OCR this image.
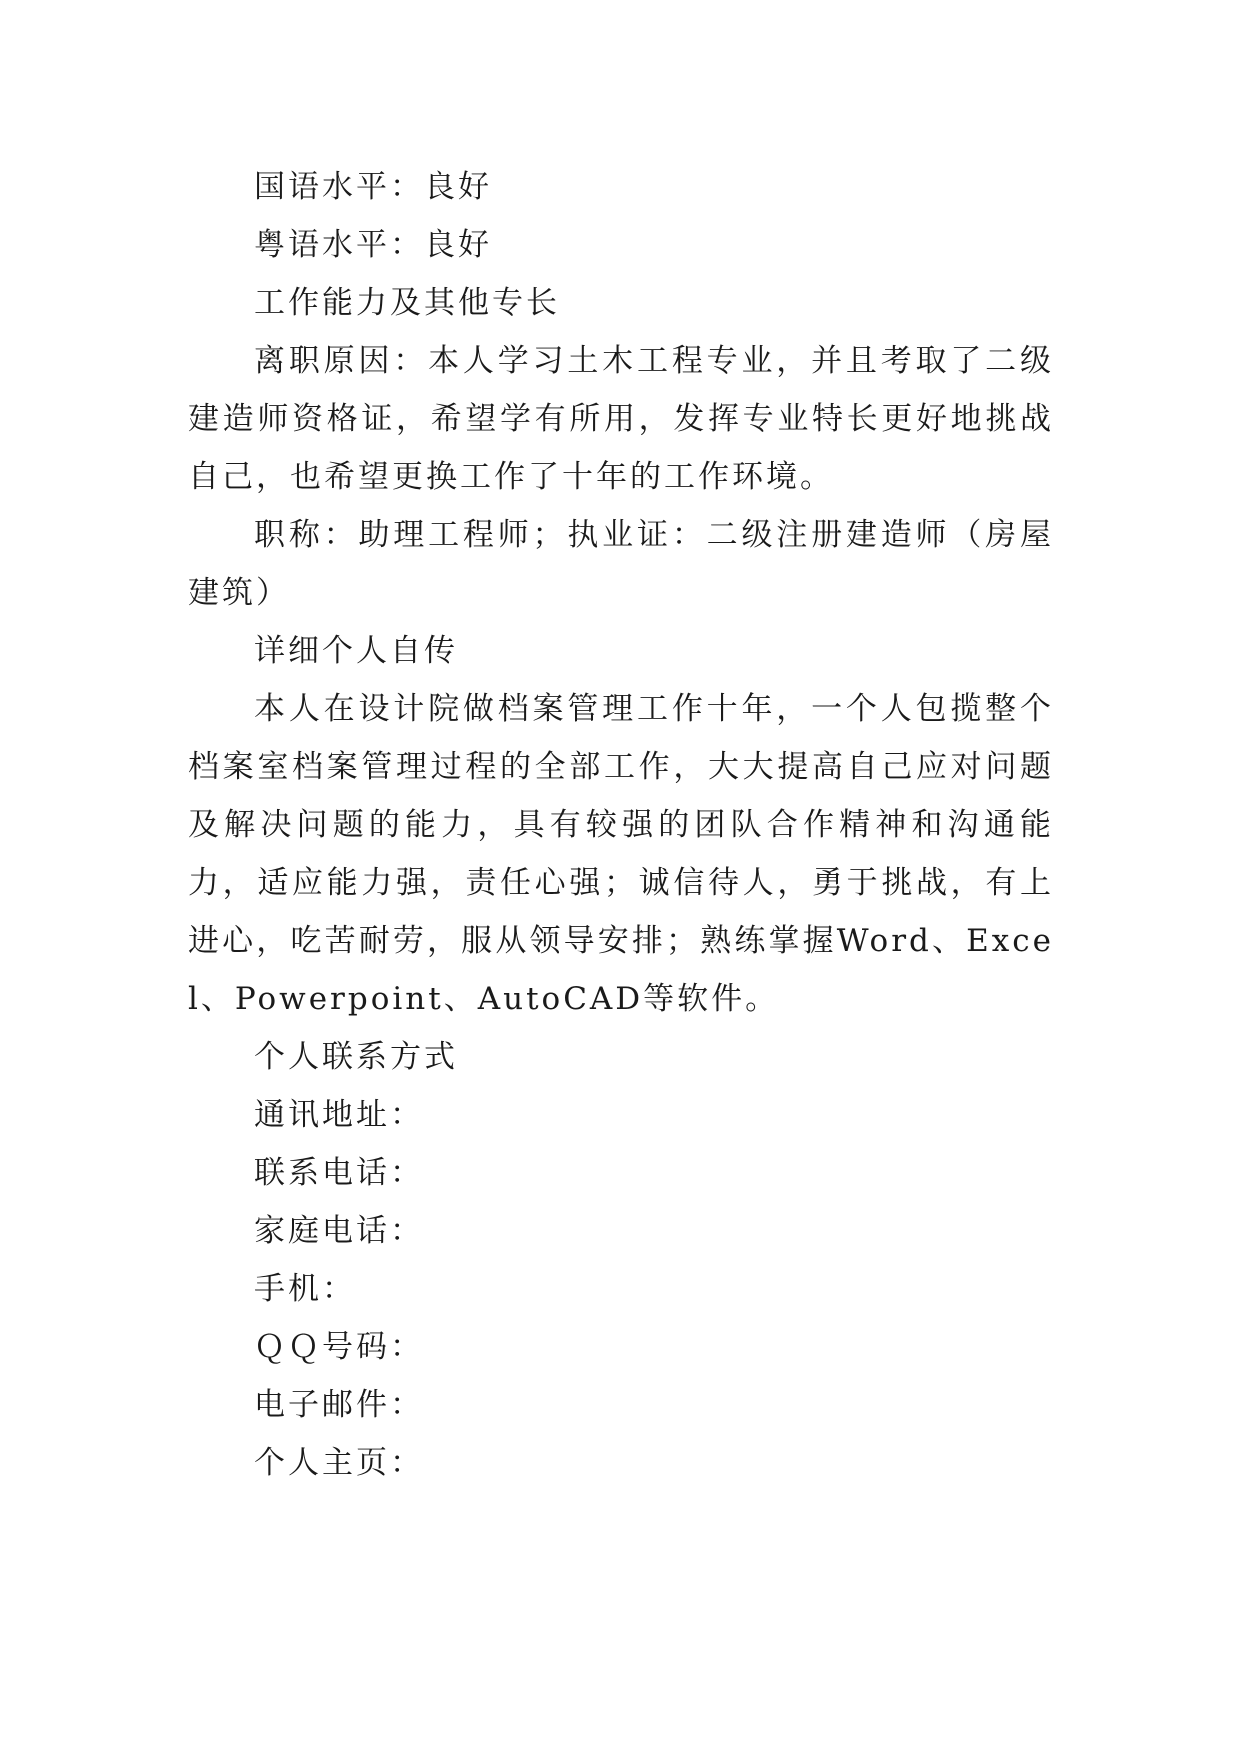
国语水平：良好

粤语水平：良好

工作能力及其他专长

离职原因：本人学习土木工程专业，并且考取了二级建造师资格证，希望学有所用，发挥专业特长更好地挑战自己，也希望更换工作了十年的工作环境。

职称：助理工程师；执业证：二级注册建造师（房屋建筑）

详细个人自传

本人在设计院做档案管理工作十年，一个人包揽整个档案室档案管理过程的全部工作，大大提高自己应对问题及解决问题的能力，具有较强的团队合作精神和沟通能力，适应能力强，责任心强；诚信待人，勇于挑战，有上进心，吃苦耐劳，服从领导安排；熟练掌握Word、Excel、Powerpoint、AutoCAD等软件。

个人联系方式

通讯地址：

联系电话：

家庭电话：

手机：

ＱＱ号码：

电子邮件：

个人主页：
